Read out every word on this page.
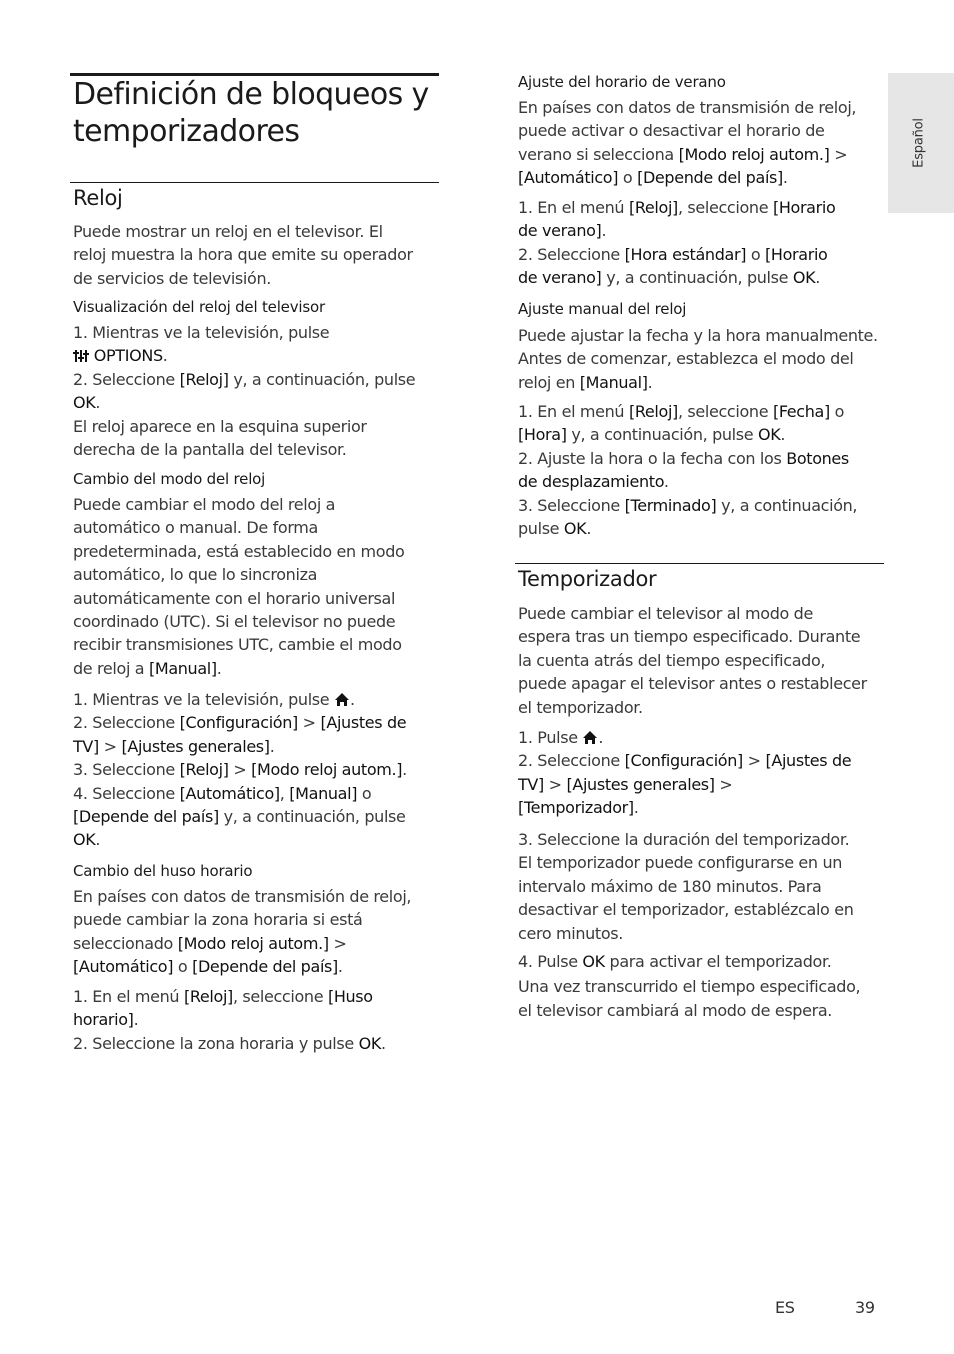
Definición de bloqueos y
temporizadores
Reloj

Puede mostrar un reloj en el televisor. El
reloj muestra la hora que emite su operador
de servicios de televisión.

Visualización del reloj del televisor

1. Mientras ve la televisión, pulse
OPTIONS.
2. Seleccione [Reloj] y, a continuación, pulse
OK.
El reloj aparece en la esquina superior
derecha de la pantalla del televisor.

Cambio del modo del reloj

Puede cambiar el modo del reloj a
automático o manual. De forma
predeterminada, está establecido en modo
automático, lo que lo sincroniza
automáticamente con el horario universal
coordinado (UTC). Si el televisor no puede
recibir transmisiones UTC, cambie el modo
de reloj a [Manual].

1. Mientras ve la televisión, pulse .
2. Seleccione [Configuración] > [Ajustes de
TV] > [Ajustes generales].
3. Seleccione [Reloj] > [Modo reloj autom.].
4. Seleccione [Automático], [Manual] o
[Depende del país] y, a continuación, pulse
OK.

Cambio del huso horario

En países con datos de transmisión de reloj,
puede cambiar la zona horaria si está
seleccionado [Modo reloj autom.] >
[Automático] o [Depende del país].

1. En el menú [Reloj], seleccione [Huso
horario].
2. Seleccione la zona horaria y pulse OK.

Ajuste del horario de verano

En países con datos de transmisión de reloj,
puede activar o desactivar el horario de
verano si selecciona [Modo reloj autom.] >
[Automático] o [Depende del país].

1. En el menú [Reloj], seleccione [Horario
de verano].
2. Seleccione [Hora estándar] o [Horario
de verano] y, a continuación, pulse OK.

Ajuste manual del reloj

Puede ajustar la fecha y la hora manualmente.
Antes de comenzar, establezca el modo del
reloj en [Manual].

1. En el menú [Reloj], seleccione [Fecha] o
[Hora] y, a continuación, pulse OK.
2. Ajuste la hora o la fecha con los Botones
de desplazamiento.
3. Seleccione [Terminado] y, a continuación,
pulse OK.

Temporizador

Puede cambiar el televisor al modo de
espera tras un tiempo especificado. Durante
la cuenta atrás del tiempo especificado,
puede apagar el televisor antes o restablecer
el temporizador.

1. Pulse .
2. Seleccione [Configuración] > [Ajustes de
TV] > [Ajustes generales] >
[Temporizador].

3. Seleccione la duración del temporizador.
El temporizador puede configurarse en un
intervalo máximo de 180 minutos. Para
desactivar el temporizador, establézcalo en
cero minutos.

4. Pulse OK para activar el temporizador.
Una vez transcurrido el tiempo especificado,
el televisor cambiará al modo de espera.

Español
ES	39
